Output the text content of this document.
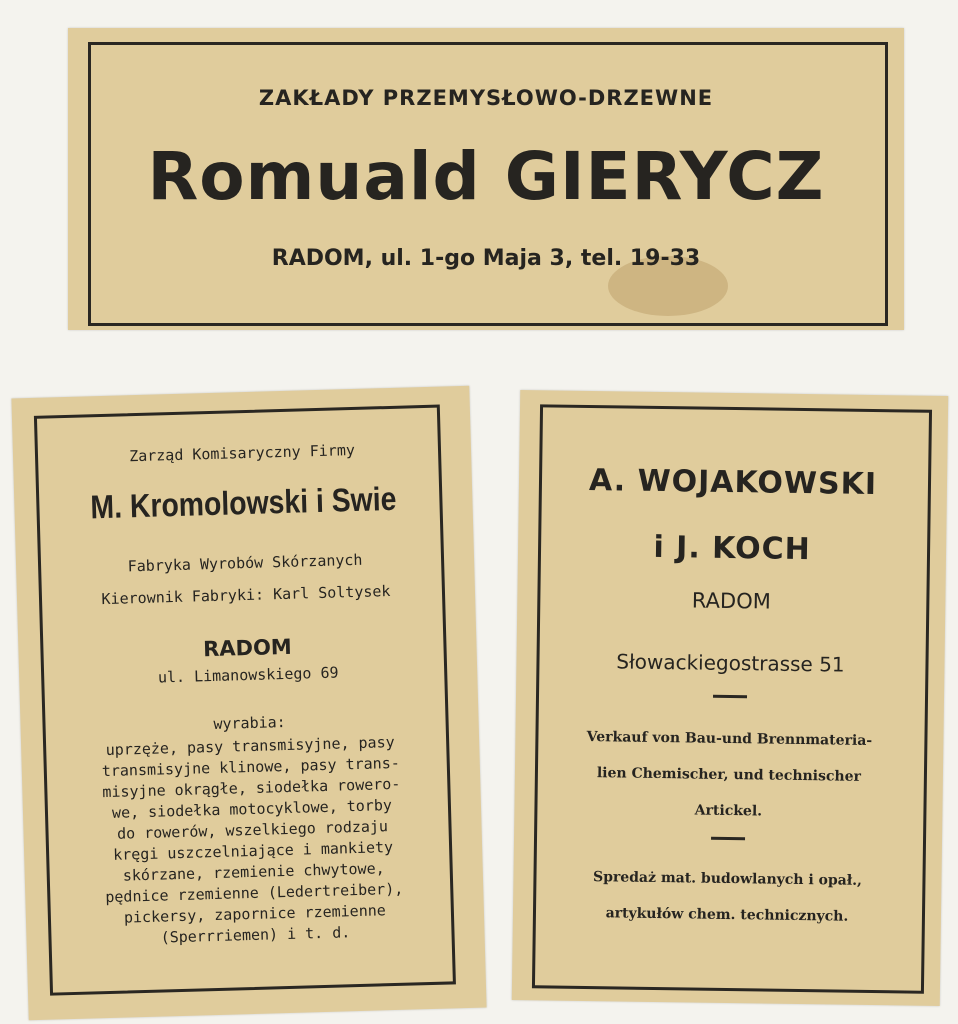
ZAKŁADY PRZEMYSŁOWO-DRZEWNE
Romuald GIERYCZ
RADOM, ul. 1-go Maja 3, tel. 19-33
Zarząd Komisaryczny Firmy
M. Kromolowski i Swie
Fabryka Wyrobów Skórzanych
Kierownik Fabryki: Karl Soltysek
RADOM
ul. Limanowskiego 69
wyrabia:
uprzęże, pasy transmisyjne, pasy
transmisyjne klinowe, pasy trans-
misyjne okrągłe, siodełka rowero-
we, siodełka motocyklowe, torby
do rowerów, wszelkiego rodzaju
kręgi uszczelniające i mankiety
skórzane, rzemienie chwytowe,
pędnice rzemienne (Ledertreiber),
pickersy, zapornice rzemienne
(Sperrriemen) i t. d.
A. WOJAKOWSKI
i J. KOCH
RADOM
Słowackiegostrasse 51
Verkauf von Bau-und Brennmateria-
lien Chemischer, und technischer
Artickel.
Spredaż mat. budowlanych i opał.,
artykułów chem. technicznych.
